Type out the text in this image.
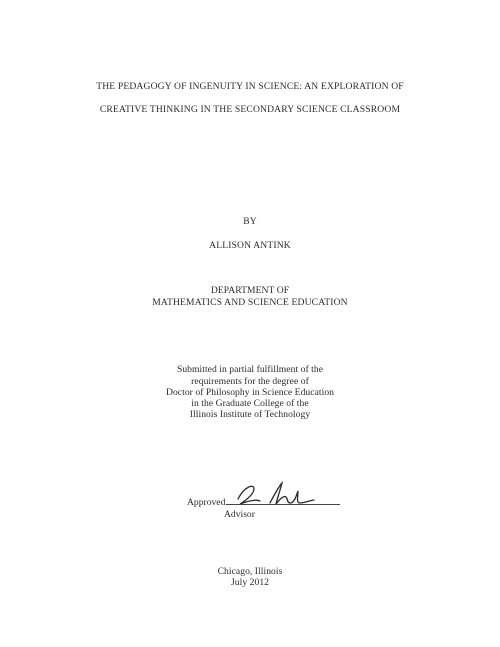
THE PEDAGOGY OF INGENUITY IN SCIENCE: AN EXPLORATION OF
CREATIVE THINKING IN THE SECONDARY SCIENCE CLASSROOM
BY
ALLISON ANTINK
DEPARTMENT OF
MATHEMATICS AND SCIENCE EDUCATION
Submitted in partial fulfillment of the
requirements for the degree of
Doctor of Philosophy in Science Education
in the Graduate College of the
Illinois Institute of Technology
Approved
Advisor
Chicago, Illinois
July 2012
